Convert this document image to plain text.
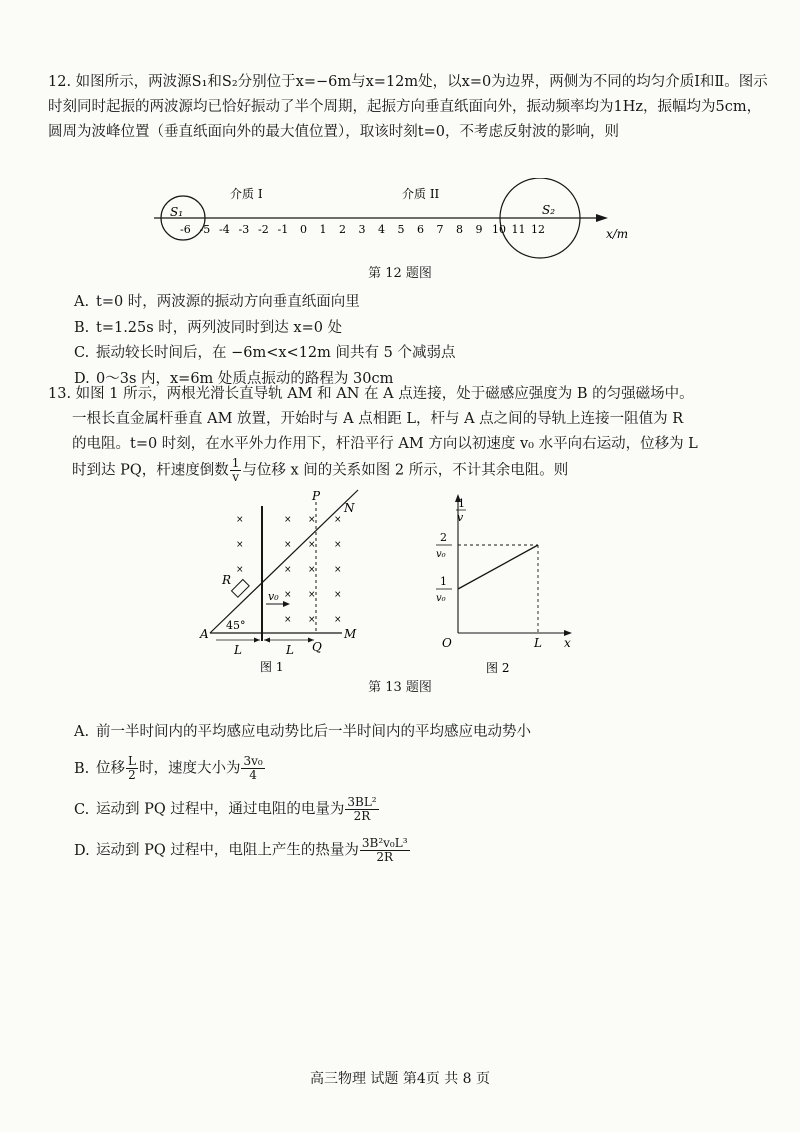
12. 如图所示，两波源S₁和S₂分别位于x=−6m与x=12m处，以x=0为边界，两侧为不同的均匀介质Ⅰ和Ⅱ。图示时刻同时起振的两波源均已恰好振动了半个周期，起振方向垂直纸面向外，振动频率均为1Hz，振幅均为5cm，圆周为波峰位置（垂直纸面向外的最大值位置），取该时刻t=0，不考虑反射波的影响，则
介质 I	介质 II
S₁	S₂
-6 -5 -4 -3 -2 -1 0 1 2 3 4 5 6 7 8 9 10 11 12	x/m
第 12 题图
A. t=0 时，两波源的振动方向垂直纸面向里
B. t=1.25s 时，两列波同时到达 x=0 处
C. 振动较长时间后，在 −6m<x<12m 间共有 5 个减弱点
D. 0～3s 内，x=6m 处质点振动的路程为 30cm
13. 如图 1 所示，两根光滑长直导轨 AM 和 AN 在 A 点连接，处于磁感应强度为 B 的匀强磁场中。
一根长直金属杆垂直 AM 放置，开始时与 A 点相距 L，杆与 A 点之间的导轨上连接一阻值为 R
的电阻。t=0 时刻，在水平外力作用下，杆沿平行 AM 方向以初速度 v₀ 水平向右运动，位移为 L
时到达 PQ，杆速度倒数 $\frac{1}{v}$ 与位移 x 间的关系如图 2 所示，不计其余电阻。则
R
v₀
45°
A	M
P
N
Q
L	L
×
×
×
×
×
×
×
×
×
×
×
×
×
×
×
×
×
×
图 1
1
v
2
v₀
1
v₀
O	L x
图 2
第 13 题图
A. 前一半时间内的平均感应电动势比后一半时间内的平均感应电动势小
B. 位移 $\frac{L}{2}$ 时，速度大小为 $\frac{\text{3v₀}}{4}$
C. 运动到 PQ 过程中，通过电阻的电量为 $\frac{\text{3BL²}}{2R}$
D. 运动到 PQ 过程中，电阻上产生的热量为 $\frac{\text{3B²v₀L³}}{2R}$
高三物理 试题 第4页 共 8 页
